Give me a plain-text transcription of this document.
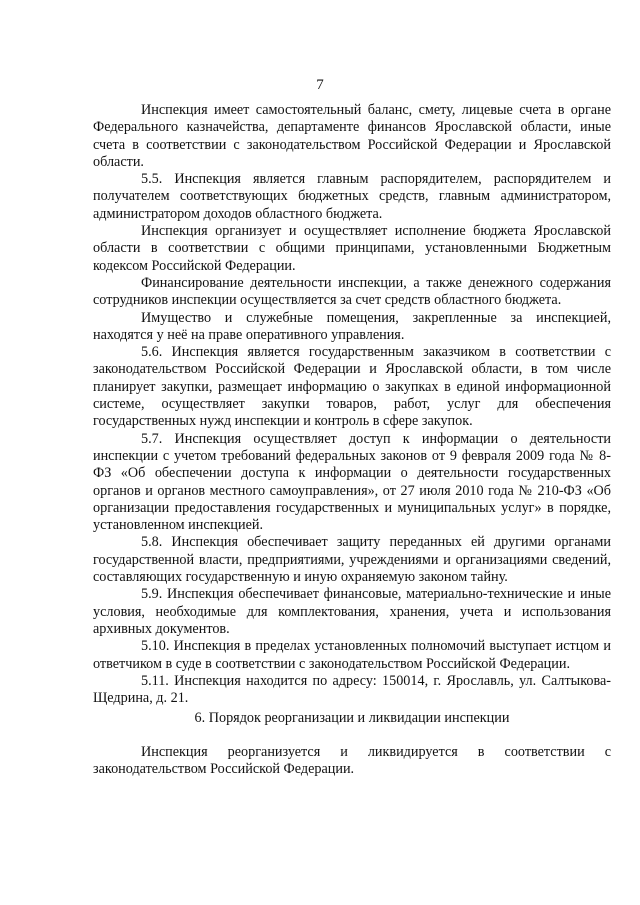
7

Инспекция имеет самостоятельный баланс, смету, лицевые счета в органе Федерального казначейства, департаменте финансов Ярославской области, иные счета в соответствии с законодательством Российской Федерации и Ярославской области.

5.5. Инспекция является главным распорядителем, распорядителем и получателем соответствующих бюджетных средств, главным администратором, администратором доходов областного бюджета.

Инспекция организует и осуществляет исполнение бюджета Ярославской области в соответствии с общими принципами, установленными Бюджетным кодексом Российской Федерации.

Финансирование деятельности инспекции, а также денежного содержания сотрудников инспекции осуществляется за счет средств областного бюджета.

Имущество и служебные помещения, закрепленные за инспекцией, находятся у неё на праве оперативного управления.

5.6. Инспекция является государственным заказчиком в соответствии с законодательством Российской Федерации и Ярославской области, в том числе планирует закупки, размещает информацию о закупках в единой информационной системе, осуществляет закупки товаров, работ, услуг для обеспечения государственных нужд инспекции и контроль в сфере закупок.

5.7. Инспекция осуществляет доступ к информации о деятельности инспекции с учетом требований федеральных законов от 9 февраля 2009 года № 8-ФЗ «Об обеспечении доступа к информации о деятельности государственных органов и органов местного самоуправления», от 27 июля 2010 года № 210-ФЗ «Об организации предоставления государственных и муниципальных услуг» в порядке, установленном инспекцией.

5.8. Инспекция обеспечивает защиту переданных ей другими органами государственной власти, предприятиями, учреждениями и организациями сведений, составляющих государственную и иную охраняемую законом тайну.

5.9. Инспекция обеспечивает финансовые, материально-технические и иные условия, необходимые для комплектования, хранения, учета и использования архивных документов.

5.10. Инспекция в пределах установленных полномочий выступает истцом и ответчиком в суде в соответствии с законодательством Российской Федерации.

5.11. Инспекция находится по адресу: 150014, г. Ярославль, ул. Салтыкова-Щедрина, д. 21.

6. Порядок реорганизации и ликвидации инспекции

Инспекция реорганизуется и ликвидируется в соответствии с законодательством Российской Федерации.
